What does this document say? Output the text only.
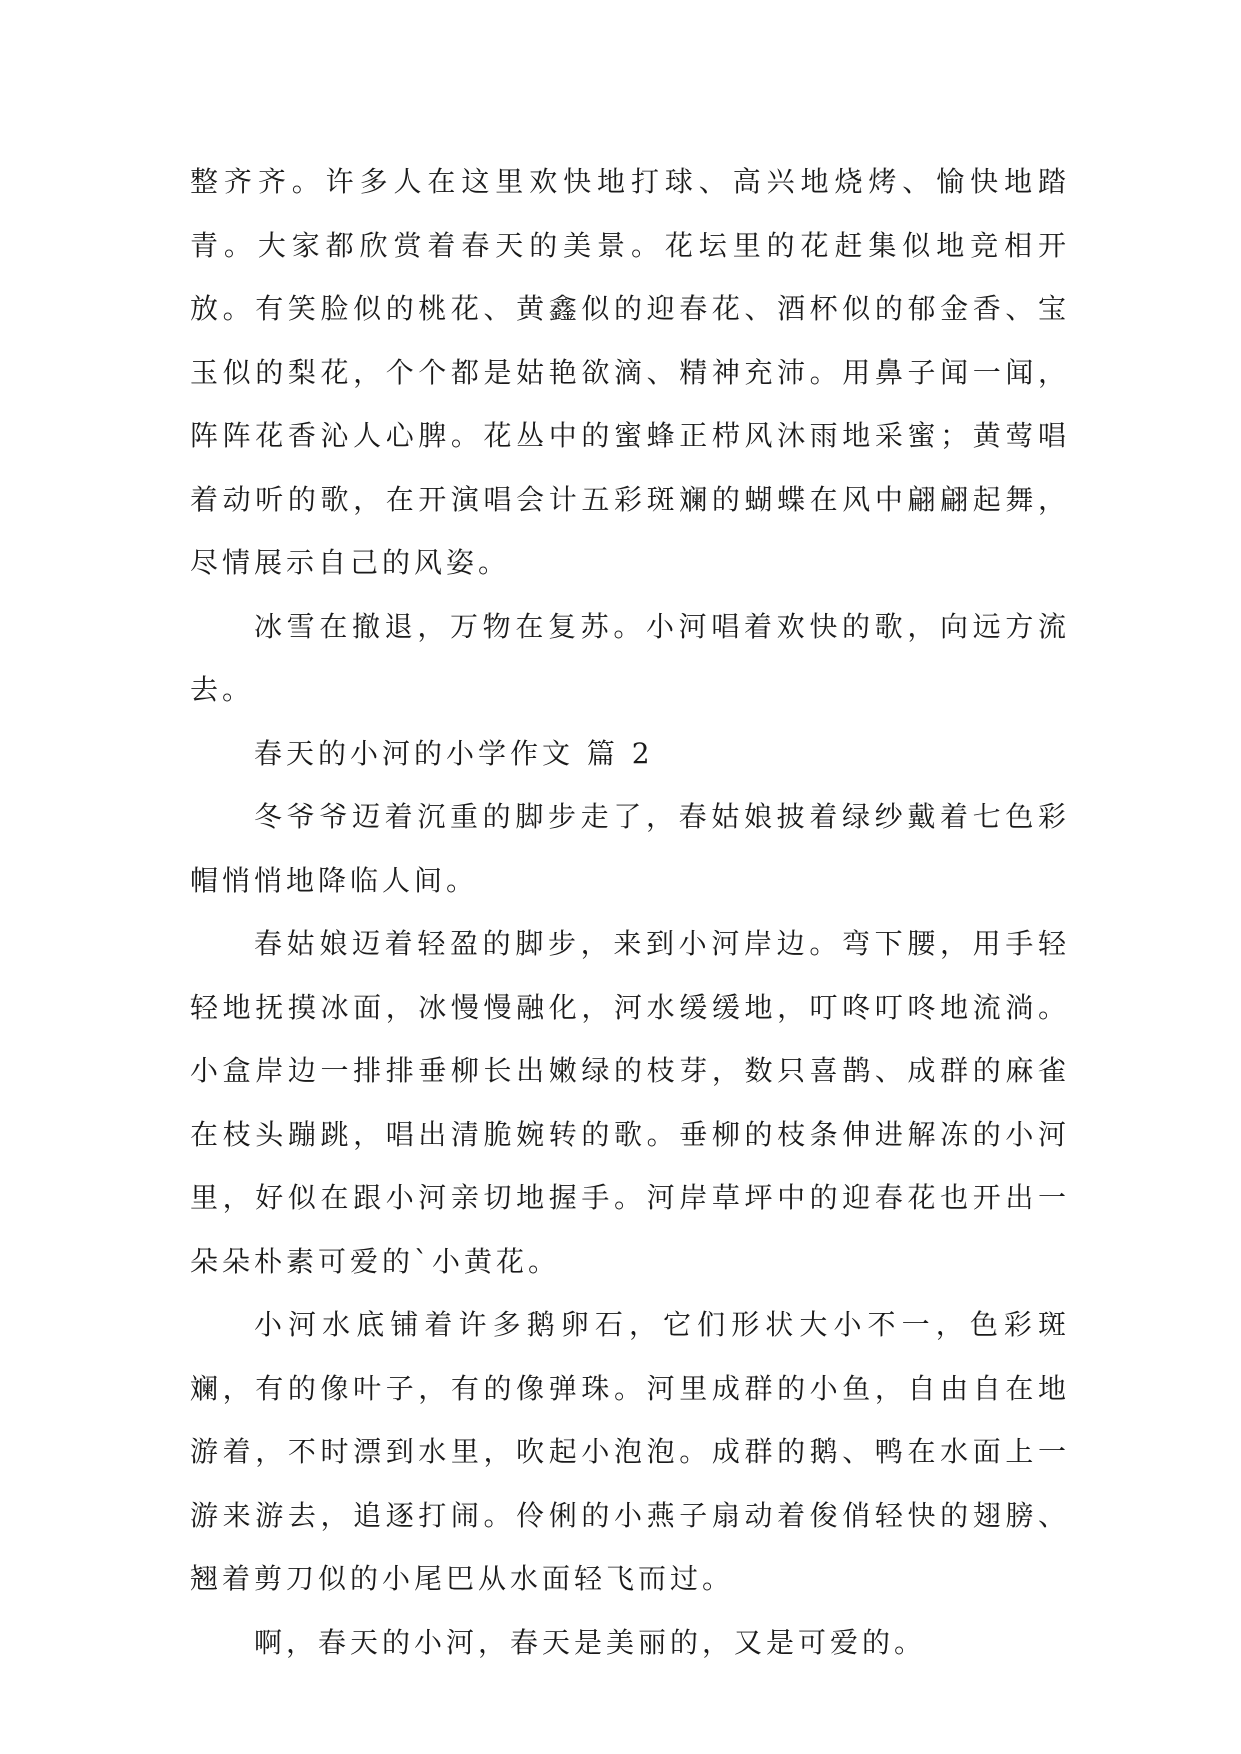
整齐齐。许多人在这里欢快地打球、高兴地烧烤、愉快地踏青。大家都欣赏着春天的美景。花坛里的花赶集似地竞相开放。有笑脸似的桃花、黄鑫似的迎春花、酒杯似的郁金香、宝玉似的梨花，个个都是姑艳欲滴、精神充沛。用鼻子闻一闻，阵阵花香沁人心脾。花丛中的蜜蜂正栉风沐雨地采蜜；黄莺唱着动听的歌，在开演唱会计五彩斑斓的蝴蝶在风中翩翩起舞，尽情展示自己的风姿。

冰雪在撤退，万物在复苏。小河唱着欢快的歌，向远方流去。

春天的小河的小学作文 篇 2

冬爷爷迈着沉重的脚步走了，春姑娘披着绿纱戴着七色彩帽悄悄地降临人间。

春姑娘迈着轻盈的脚步，来到小河岸边。弯下腰，用手轻轻地抚摸冰面，冰慢慢融化，河水缓缓地，叮咚叮咚地流淌。小盒岸边一排排垂柳长出嫩绿的枝芽，数只喜鹊、成群的麻雀在枝头蹦跳，唱出清脆婉转的歌。垂柳的枝条伸进解冻的小河里，好似在跟小河亲切地握手。河岸草坪中的迎春花也开出一朵朵朴素可爱的`小黄花。

小河水底铺着许多鹅卵石，它们形状大小不一，色彩斑斓，有的像叶子，有的像弹珠。河里成群的小鱼，自由自在地游着，不时漂到水里，吹起小泡泡。成群的鹅、鸭在水面上一游来游去，追逐打闹。伶俐的小燕子扇动着俊俏轻快的翅膀、翘着剪刀似的小尾巴从水面轻飞而过。

啊，春天的小河，春天是美丽的，又是可爱的。
